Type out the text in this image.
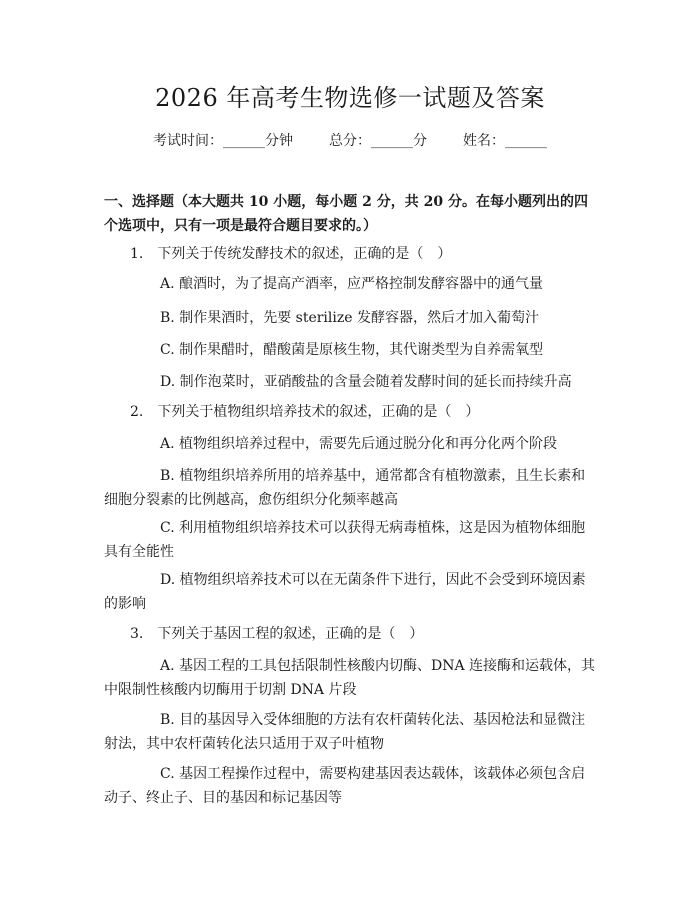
2026 年高考生物选修一试题及答案
考试时间：______分钟	总分：______分	姓名：______
一、选择题（本大题共 10 小题，每小题 2 分，共 20 分。在每小题列出的四个选项中，只有一项是最符合题目要求的。）
1.　下列关于传统发酵技术的叙述，正确的是（　）
A. 酿酒时，为了提高产酒率，应严格控制发酵容器中的通气量
B. 制作果酒时，先要 sterilize 发酵容器，然后才加入葡萄汁
C. 制作果醋时，醋酸菌是原核生物，其代谢类型为自养需氧型
D. 制作泡菜时，亚硝酸盐的含量会随着发酵时间的延长而持续升高
2.　下列关于植物组织培养技术的叙述，正确的是（　）
A. 植物组织培养过程中，需要先后通过脱分化和再分化两个阶段
B. 植物组织培养所用的培养基中，通常都含有植物激素，且生长素和细胞分裂素的比例越高，愈伤组织分化频率越高
C. 利用植物组织培养技术可以获得无病毒植株，这是因为植物体细胞具有全能性
D. 植物组织培养技术可以在无菌条件下进行，因此不会受到环境因素的影响
3.　下列关于基因工程的叙述，正确的是（　）
A. 基因工程的工具包括限制性核酸内切酶、DNA 连接酶和运载体，其中限制性核酸内切酶用于切割 DNA 片段
B. 目的基因导入受体细胞的方法有农杆菌转化法、基因枪法和显微注射法，其中农杆菌转化法只适用于双子叶植物
C. 基因工程操作过程中，需要构建基因表达载体，该载体必须包含启动子、终止子、目的基因和标记基因等
